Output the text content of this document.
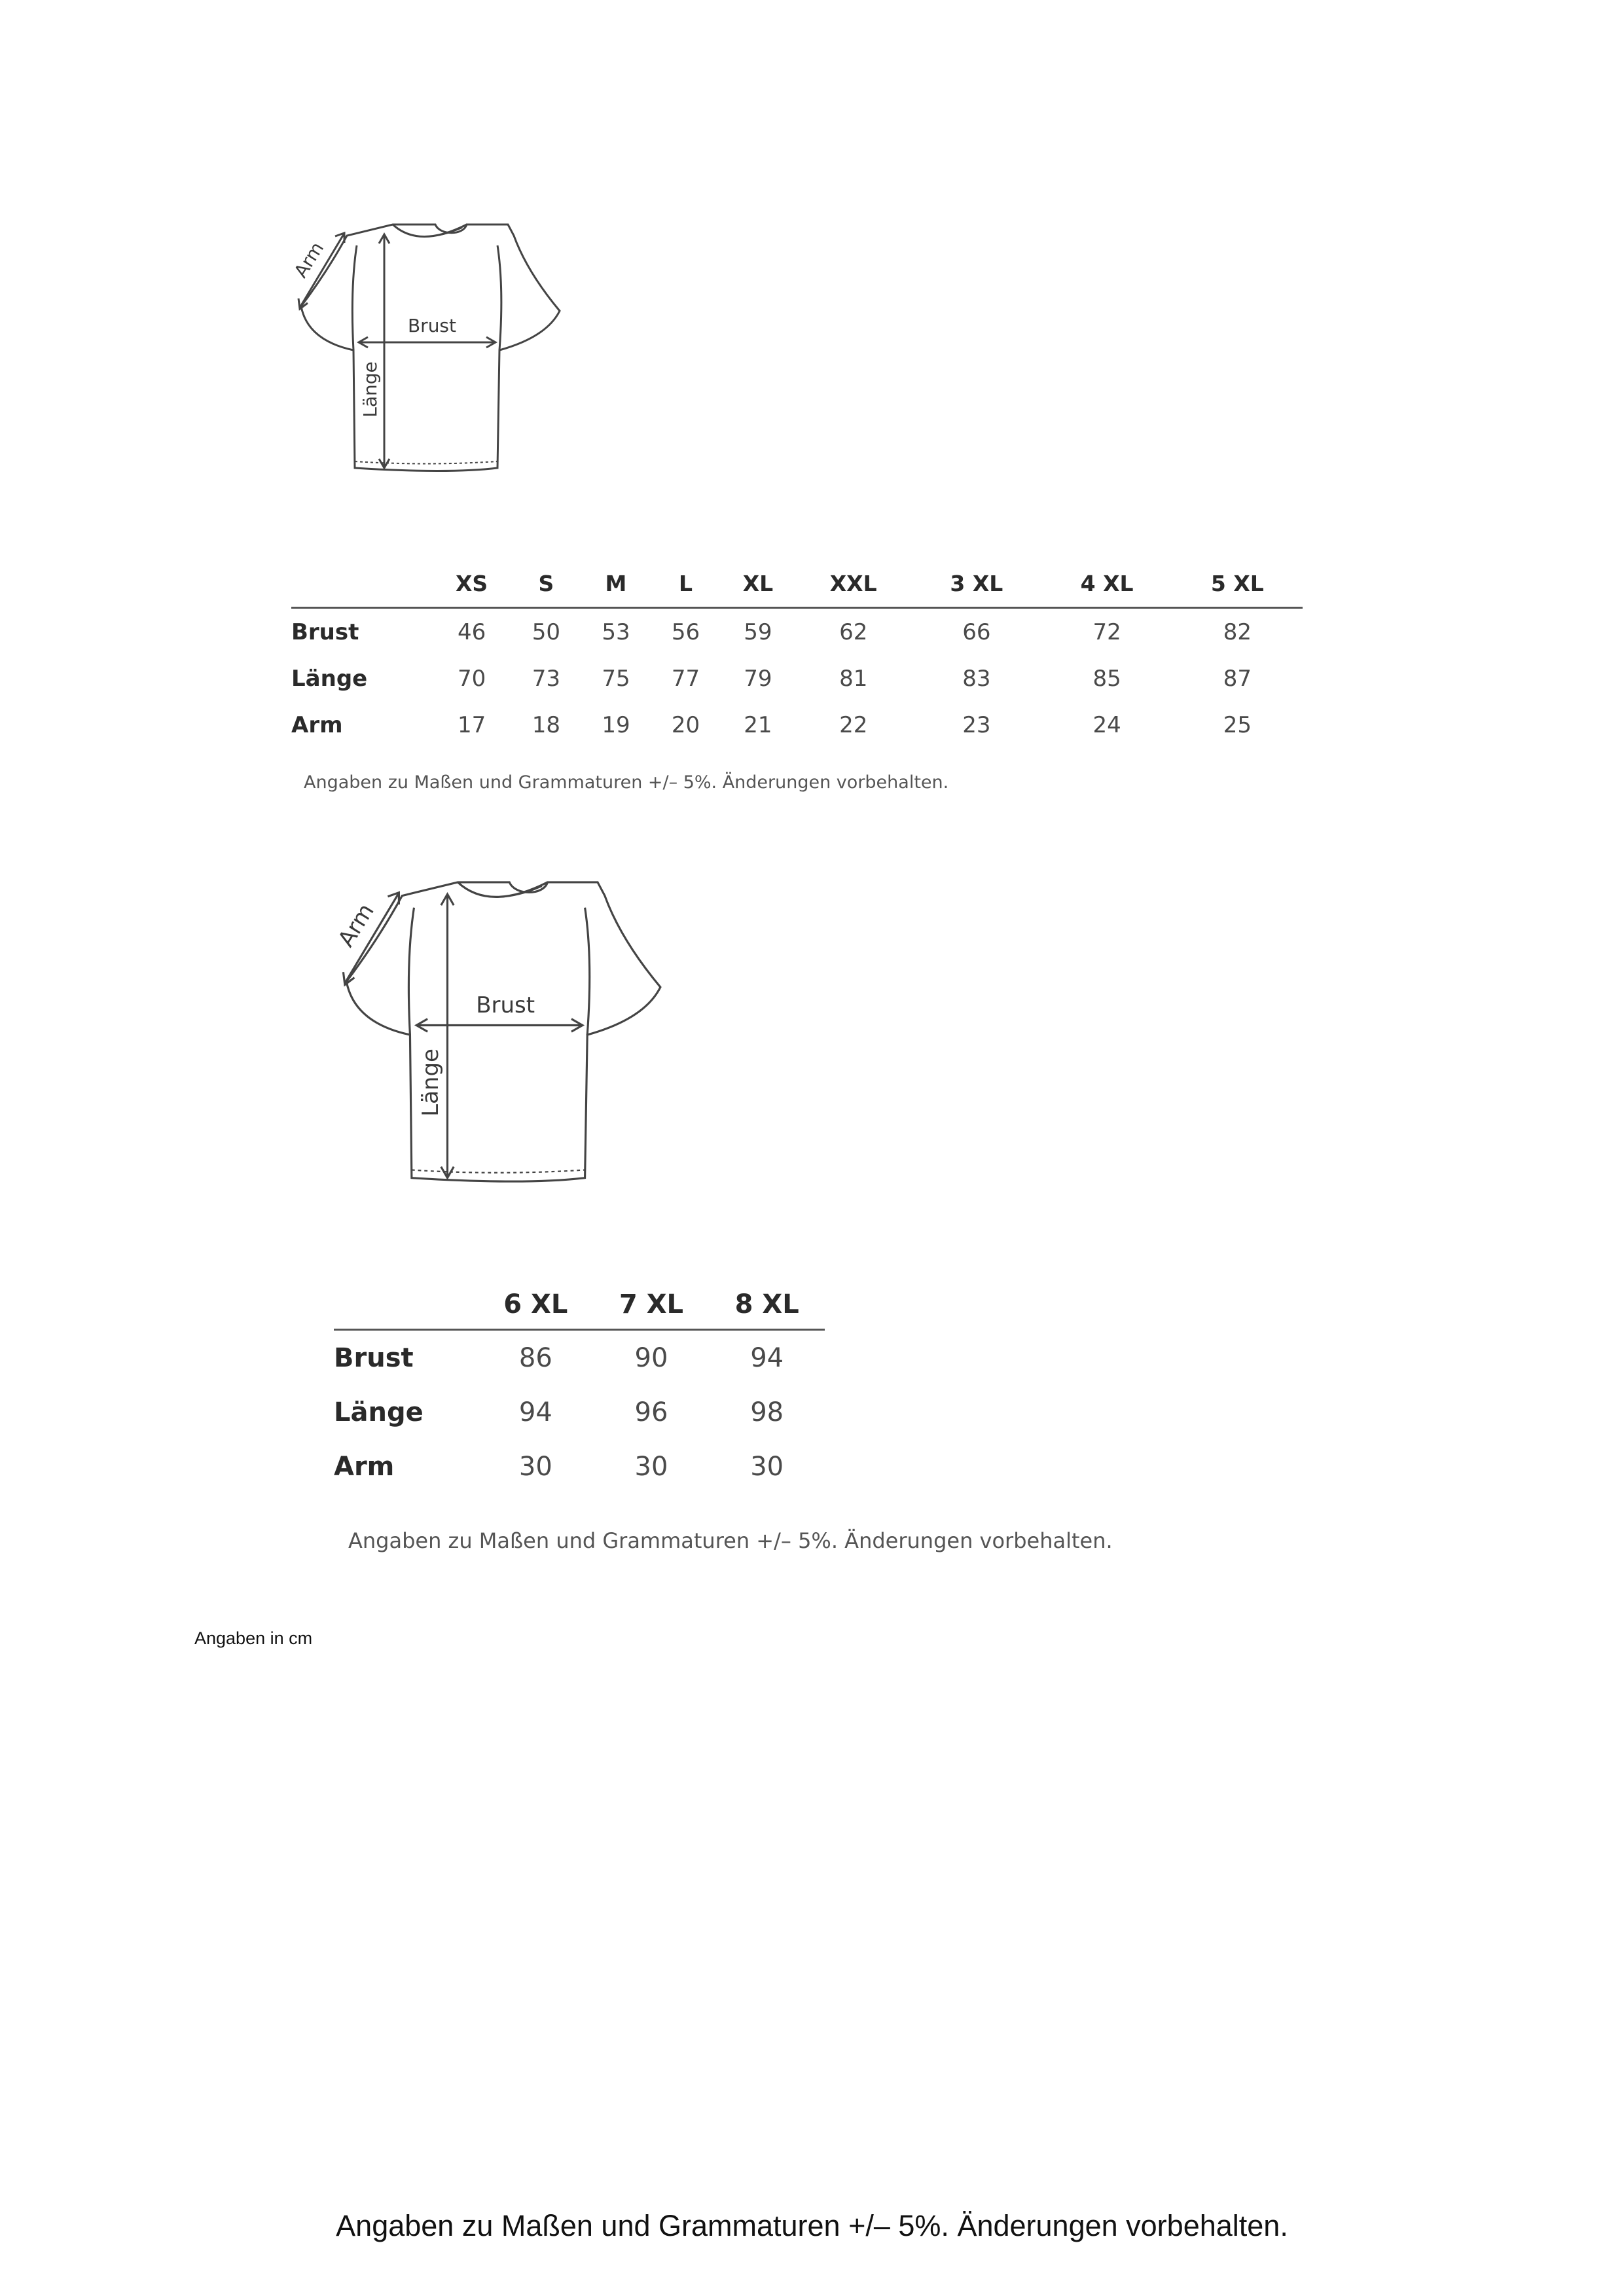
Brust
Länge
Arm
	XS	S	M	L	XL	XXL	3 XL	4 XL	5 XL
Brust	46	50	53	56	59	62	66	72	82
Länge	70	73	75	77	79	81	83	85	87
Arm	17	18	19	20	21	22	23	24	25
Angaben zu Maßen und Grammaturen +/– 5%. Änderungen vorbehalten.
Brust
Länge
Arm
	6 XL	7 XL	8 XL
Brust	86	90	94
Länge	94	96	98
Arm	30	30	30
Angaben zu Maßen und Grammaturen +/– 5%. Änderungen vorbehalten.
Angaben in cm
Angaben zu Maßen und Grammaturen +/– 5%. Änderungen vorbehalten.
